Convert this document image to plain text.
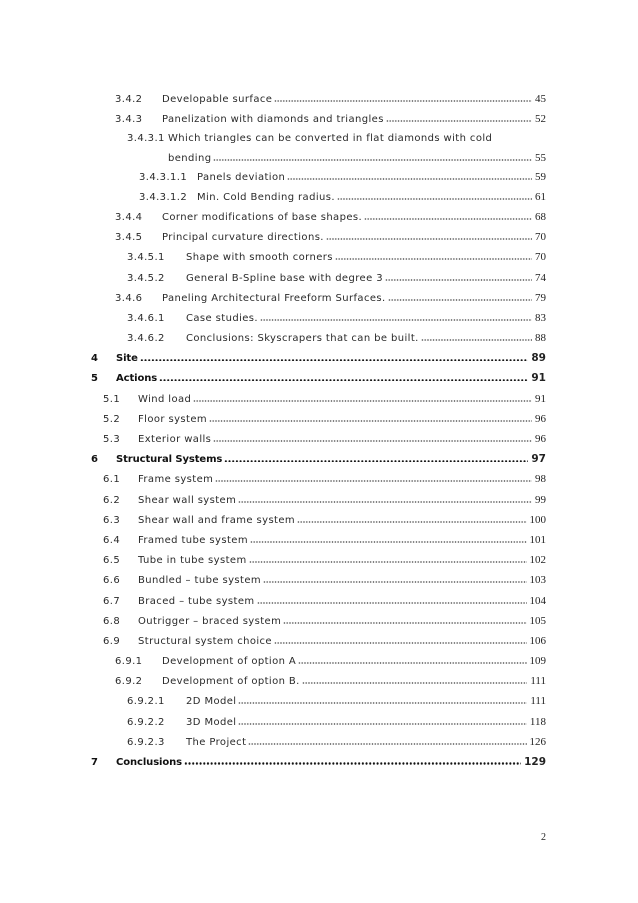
3.4.2	Developable surface	45
3.4.3	Panelization with diamonds and triangles	52
3.4.3.1 Which triangles can be converted in flat diamonds with cold
bending	55
3.4.3.1.1 Panels deviation	59
3.4.3.1.2 Min. Cold Bending radius.	61
3.4.4	Corner modifications of base shapes.	68
3.4.5	Principal curvature directions.	70
3.4.5.1	Shape with smooth corners	70
3.4.5.2	General B-Spline base with degree 3	74
3.4.6	Paneling Architectural Freeform Surfaces.	79
3.4.6.1	Case studies.	83
3.4.6.2	Conclusions: Skyscrapers that can be built.	88
4	Site	89
5	Actions	91
5.1	Wind load	91
5.2	Floor system	96
5.3	Exterior walls	96
6	Structural Systems	97
6.1	Frame system	98
6.2	Shear wall system	99
6.3	Shear wall and frame system	100
6.4	Framed tube system	101
6.5	Tube in tube system	102
6.6	Bundled – tube system	103
6.7	Braced – tube system	104
6.8	Outrigger – braced system	105
6.9	Structural system choice	106
6.9.1	Development of option A	109
6.9.2	Development of option B.	111
6.9.2.1	2D Model	111
6.9.2.2	3D Model	118
6.9.2.3	The Project	126
7	Conclusions	129
2
